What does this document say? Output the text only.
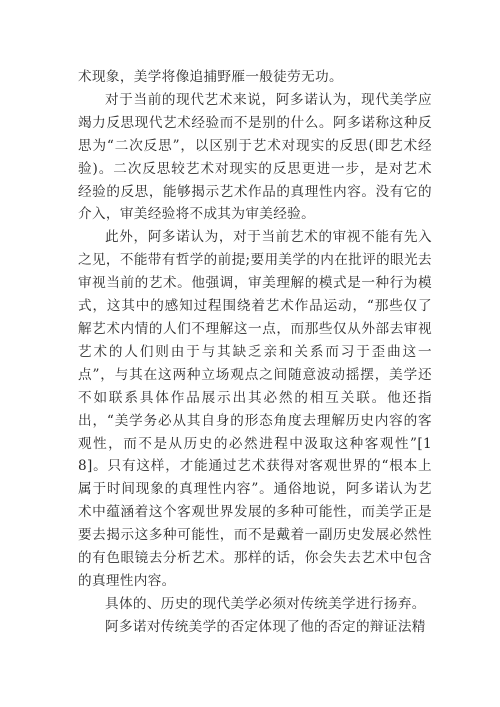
术现象，美学将像追捕野雁一般徒劳无功。

对于当前的现代艺术来说，阿多诺认为，现代美学应竭力反思现代艺术经验而不是别的什么。阿多诺称这种反思为“二次反思”，以区别于艺术对现实的反思(即艺术经验)。二次反思较艺术对现实的反思更进一步，是对艺术经验的反思，能够揭示艺术作品的真理性内容。没有它的介入，审美经验将不成其为审美经验。

此外，阿多诺认为，对于当前艺术的审视不能有先入之见，不能带有哲学的前提;要用美学的内在批评的眼光去审视当前的艺术。他强调，审美理解的模式是一种行为模式，这其中的感知过程围绕着艺术作品运动，“那些仅了解艺术内情的人们不理解这一点，而那些仅从外部去审视艺术的人们则由于与其缺乏亲和关系而习于歪曲这一点”，与其在这两种立场观点之间随意波动摇摆，美学还不如联系具体作品展示出其必然的相互关联。他还指出，“美学务必从其自身的形态角度去理解历史内容的客观性，而不是从历史的必然进程中汲取这种客观性”[18]。只有这样，才能通过艺术获得对客观世界的“根本上属于时间现象的真理性内容”。通俗地说，阿多诺认为艺术中蕴涵着这个客观世界发展的多种可能性，而美学正是要去揭示这多种可能性，而不是戴着一副历史发展必然性的有色眼镜去分析艺术。那样的话，你会失去艺术中包含的真理性内容。

具体的、历史的现代美学必须对传统美学进行扬弃。

阿多诺对传统美学的否定体现了他的否定的辩证法精
